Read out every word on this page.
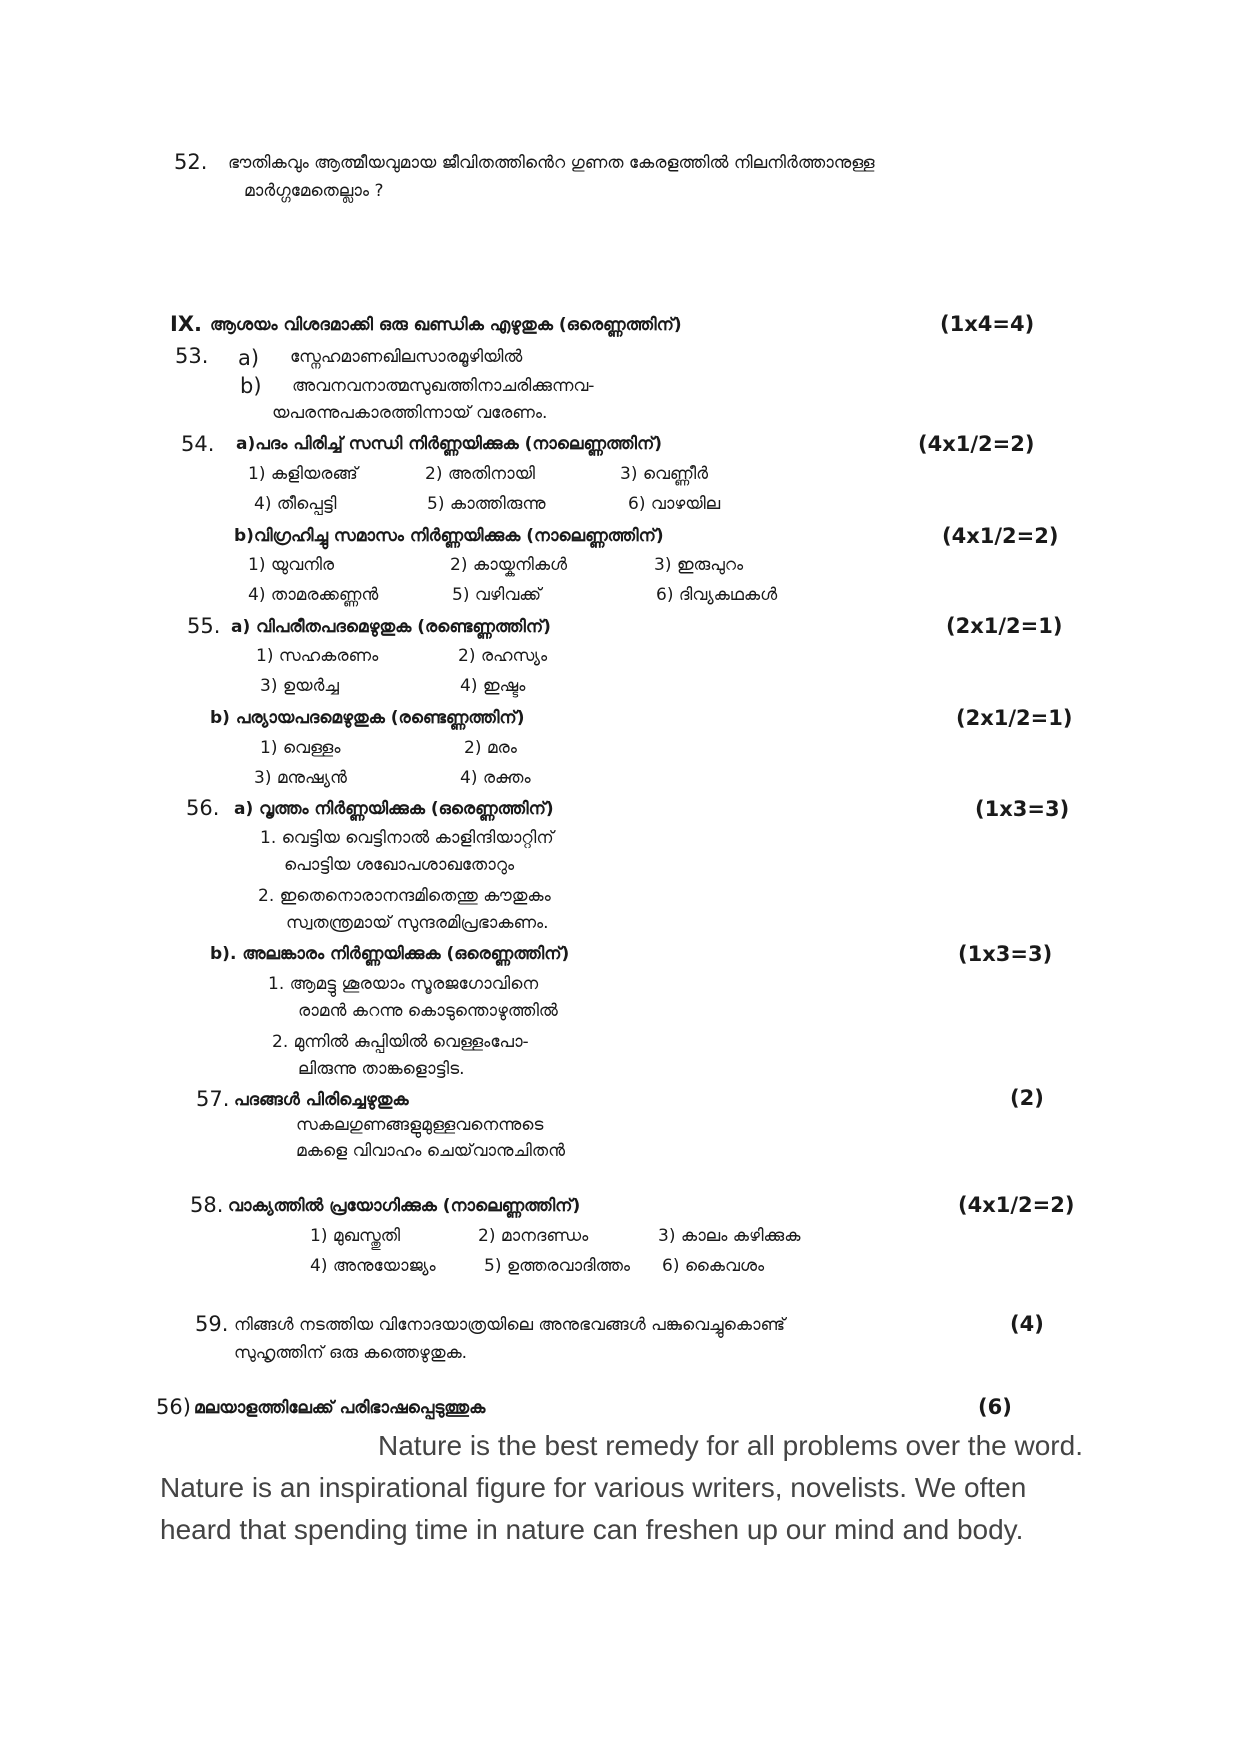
52. ഭൗതികവും ആത്മീയവുമായ ജീവിതത്തിൻെറ ഗുണത കേരളത്തിൽ നിലനിർത്താനുള്ള
മാർഗ്ഗമേതെല്ലാം ?
IX. ആശയം വിശദമാക്കി ഒരു ഖണ്ഡിക എഴുതുക (ഒരെണ്ണത്തിന്)	(1x4=4)
53. a) സ്നേഹമാണഖിലസാരമൂഴിയിൽ
b) അവനവനാത്മസുഖത്തിനാചരിക്കുന്നവ-
യപരന്നുപകാരത്തിന്നായ് വരേണം.
54. a)പദം പിരിച്ച് സന്ധി നിർണ്ണയിക്കുക (നാലെണ്ണത്തിന്)	(4x1/2=2)
1) കളിയരങ്ങ്	2) അതിനായി	3) വെണ്ണീർ
4) തീപ്പെട്ടി	5) കാത്തിരുന്നു	6) വാഴയില
b)വിഗ്രഹിച്ചു സമാസം നിർണ്ണയിക്കുക (നാലെണ്ണത്തിന്)	(4x1/2=2)
1) യുവനിര	2) കായ്കനികൾ	3) ഇരുപുറം
4) താമരക്കണ്ണൻ	5) വഴിവക്ക്	6) ദിവ്യകഥകൾ
55. a) വിപരീതപദമെഴുതുക (രണ്ടെണ്ണത്തിന്)	(2x1/2=1)
1) സഹകരണം	2) രഹസ്യം
3) ഉയർച്ച	4) ഇഷ്ടം
b) പര്യായപദമെഴുതുക (രണ്ടെണ്ണത്തിന്)	(2x1/2=1)
1) വെള്ളം	2) മരം
3) മനുഷ്യൻ	4) രക്തം
56. a) വൃത്തം നിർണ്ണയിക്കുക (ഒരെണ്ണത്തിന്)	(1x3=3)
1. വെട്ടിയ വെട്ടിനാൽ കാളിന്ദിയാറ്റിന്
പൊട്ടിയ ശഖോപശാഖതോറും
2. ഇതെനൊരാനന്ദമിതെന്തു കൗതുകം
സ്വതന്ത്രമായ് സുന്ദരമിപ്രഭാകണം.
b). അലങ്കാരം നിർണ്ണയിക്കുക (ഒരെണ്ണത്തിന്)	(1x3=3)
1. ആമട്ടു ശൂരയാം സൂരജഗോവിനെ
രാമൻ കറന്നു കൊടുന്തൊഴുത്തിൽ
2. മുന്നിൽ കുപ്പിയിൽ വെള്ളംപോ-
ലിരുന്നു താങ്കളൊട്ടിട.
57. പദങ്ങൾ പിരിച്ചെഴുതുക	(2)
സകലഗുണങ്ങളുമുള്ളവനെന്നുടെ
മകളെ വിവാഹം ചെയ്‌വാനുചിതൻ
58. വാക്യത്തിൽ പ്രയോഗിക്കുക (നാലെണ്ണത്തിന്)	(4x1/2=2)
1) മുഖസ്തുതി	2) മാനദണ്ഡം	3) കാലം കഴിക്കുക
4) അനുയോജ്യം	5) ഉത്തരവാദിത്തം 6) കൈവശം
59. നിങ്ങൾ നടത്തിയ വിനോദയാത്രയിലെ അനുഭവങ്ങൾ പങ്കുവെച്ചുകൊണ്ട്	(4)
സുഹൃത്തിന് ഒരു കത്തെഴുതുക.
56) മലയാളത്തിലേക്ക് പരിഭാഷപ്പെടുത്തുക	(6)
Nature is the best remedy for all problems over the word.
Nature is an inspirational figure for various writers, novelists. We often
heard that spending time in nature can freshen up our mind and body.
